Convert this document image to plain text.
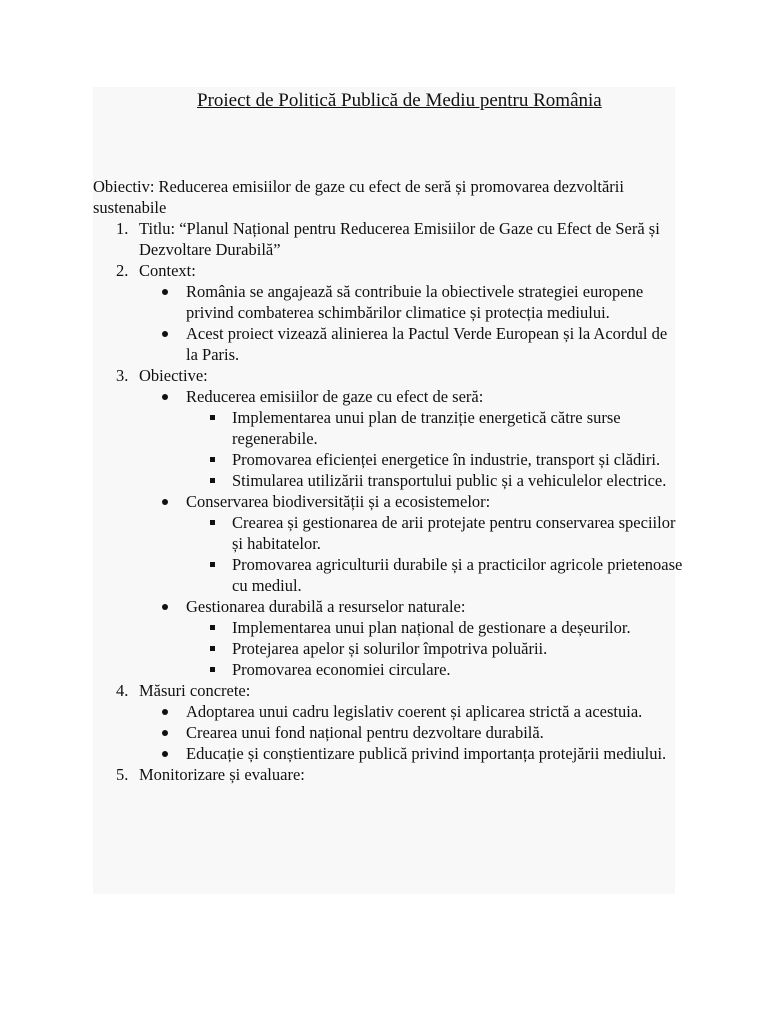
Proiect de Politică Publică de Mediu pentru România

Obiectiv: Reducerea emisiilor de gaze cu efect de seră și promovarea dezvoltării sustenabile

1. Titlu: “Planul Național pentru Reducerea Emisiilor de Gaze cu Efect de Seră și Dezvoltare Durabilă”
2. Context:
România se angajează să contribuie la obiectivele strategiei europene privind combaterea schimbărilor climatice și protecția mediului.
Acest proiect vizează alinierea la Pactul Verde European și la Acordul de la Paris.
3. Obiective:
Reducerea emisiilor de gaze cu efect de seră:
Implementarea unui plan de tranziție energetică către surse regenerabile.
Promovarea eficienței energetice în industrie, transport și clădiri.
Stimularea utilizării transportului public și a vehiculelor electrice.
Conservarea biodiversității și a ecosistemelor:
Crearea și gestionarea de arii protejate pentru conservarea speciilor și habitatelor.
Promovarea agriculturii durabile și a practicilor agricole prietenoase cu mediul.
Gestionarea durabilă a resurselor naturale:
Implementarea unui plan național de gestionare a deșeurilor.
Protejarea apelor și solurilor împotriva poluării.
Promovarea economiei circulare.
4. Măsuri concrete:
Adoptarea unui cadru legislativ coerent și aplicarea strictă a acestuia.
Crearea unui fond național pentru dezvoltare durabilă.
Educație și conștientizare publică privind importanța protejării mediului.
5. Monitorizare și evaluare:
